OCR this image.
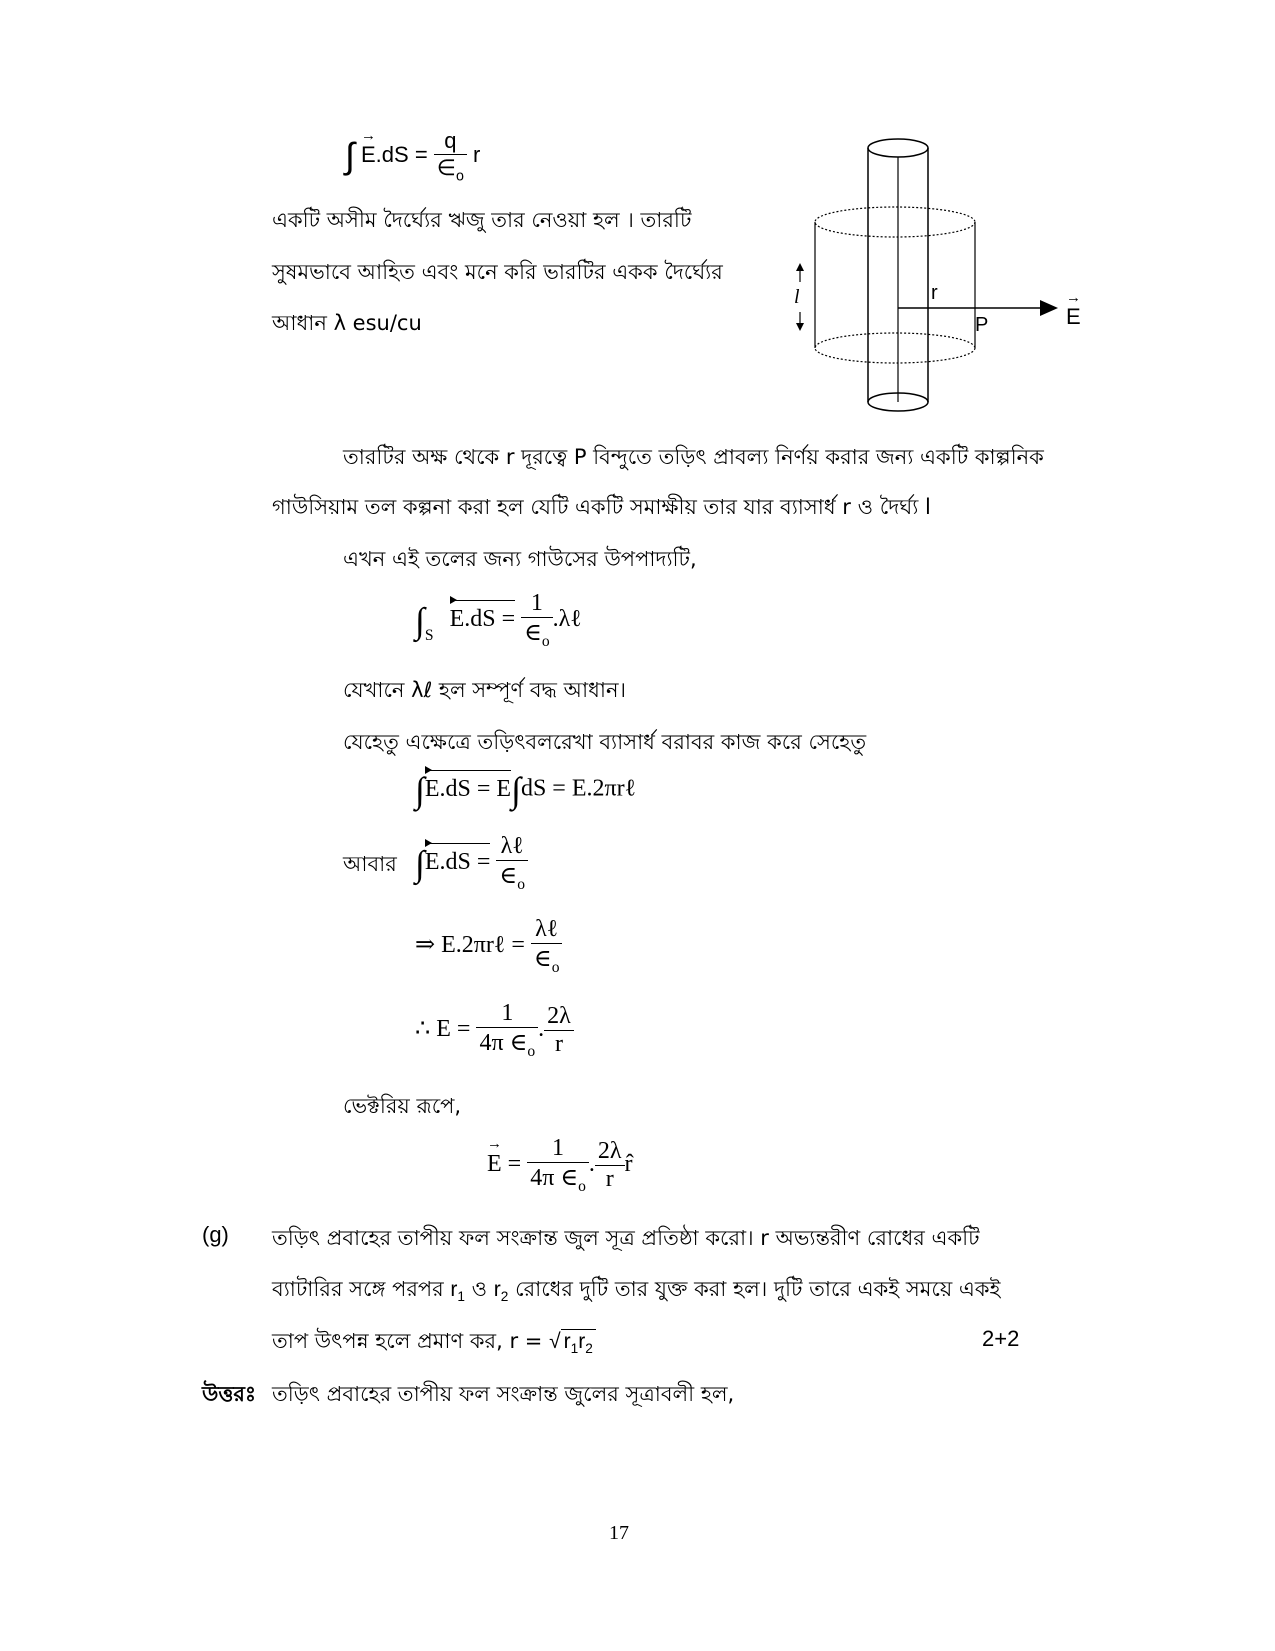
∫ → $E.dS = \frac{q}{\in_o}$ r
একটি অসীম দৈর্ঘ্যের ঋজু তার নেওয়া হল । তারটি
সুষমভাবে আহিত এবং মনে করি ভারটির একক দৈর্ঘ্যের
আধান λ esu/cu
l	r
P	→ E
তারটির অক্ষ থেকে r দূরত্বে P বিন্দুতে তড়িৎ প্রাবল্য নির্ণয় করার জন্য একটি কাল্পনিক
গাউসিয়াম তল কল্পনা করা হল যেটি একটি সমাক্ষীয় তার যার ব্যাসার্ধ r ও দৈর্ঘ্য l
এখন এই তলের জন্য গাউসের উপপাদ্যটি,
$\int_S$ $E.dS = \frac{1}{\in_o}$ .λℓ
যেখানে λℓ হল সম্পূর্ণ বদ্ধ আধান।
যেহেতু এক্ষেত্রে তড়িৎবলরেখা ব্যাসার্ধ বরাবর কাজ করে সেহেতু
∫E.dS = E∫dS = E.2πrℓ
আবার $\int E.dS = \frac{\text{λℓ}}{\in_o}$
⇒ E.2πrℓ = $\frac{\text{λℓ}}{\in_o}$
∴ $E = \frac{1}{4\pi \in_o}$ . $\frac{2\lambda}{r}$
ভেক্টরিয় রূপে,
→ $E = \frac{1}{4\pi \in_o}$ . $\frac{2\lambda}{r}$ r̂
(g) তড়িৎ প্রবাহের তাপীয় ফল সংক্রান্ত জুল সূত্র প্রতিষ্ঠা করো। r অভ্যন্তরীণ রোধের একটি
ব্যাটারির সঙ্গে পরপর $r_1$ ও $r_2$ রোধের দুটি তার যুক্ত করা হল। দুটি তারে একই সময়ে একই
তাপ উৎপন্ন হলে প্রমাণ কর, r = √ $r_1r_2$	2+2
উত্তরঃ তড়িৎ প্রবাহের তাপীয় ফল সংক্রান্ত জুলের সূত্রাবলী হল,
17
